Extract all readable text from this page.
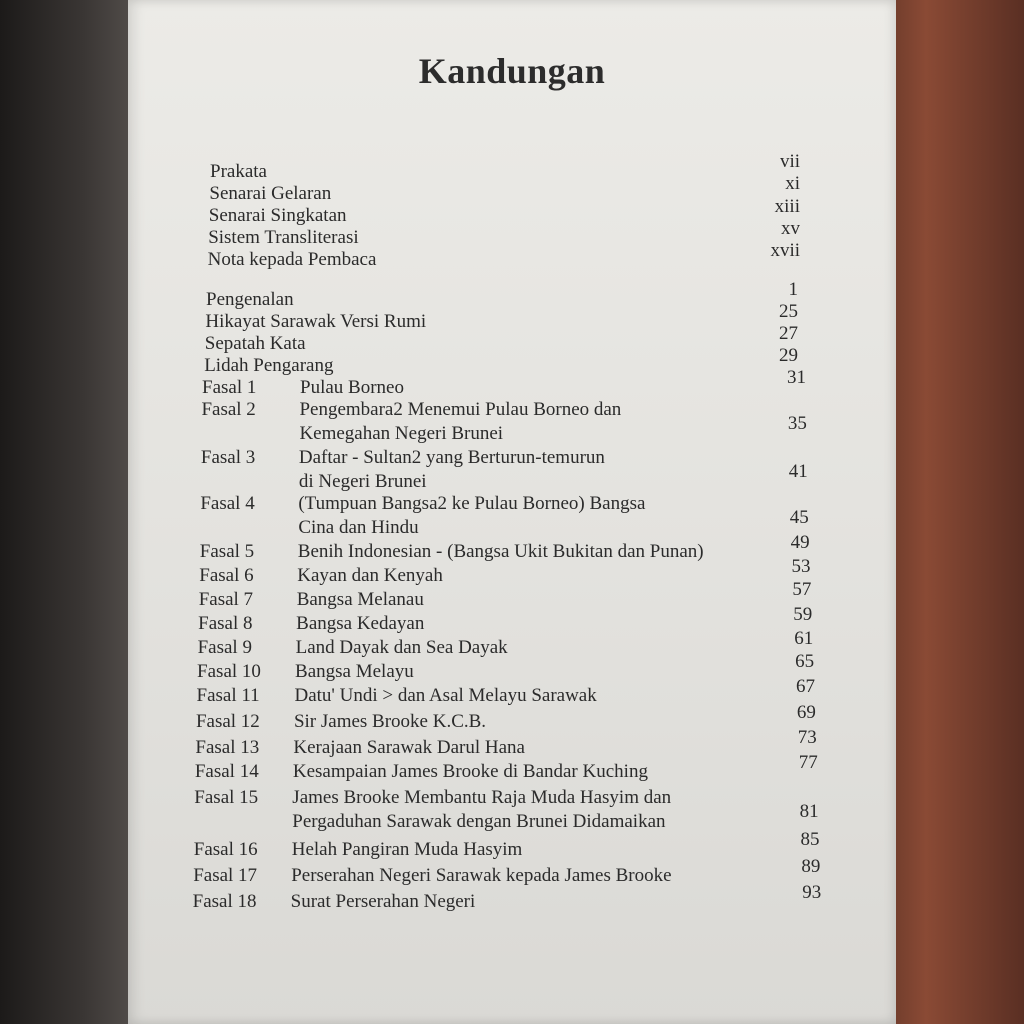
Kandungan
Prakata	vii
Senarai Gelaran	xi
Senarai Singkatan	xiii
Sistem Transliterasi	xv
Nota kepada Pembaca	xvii
Pengenalan	1
Hikayat Sarawak Versi Rumi	25
Sepatah Kata	27
Lidah Pengarang	29
Fasal 1 Pulau Borneo	31
Fasal 2 Pengembara2 Menemui Pulau Borneo dan
Kemegahan Negeri Brunei	35
Fasal 3 Daftar - Sultan2 yang Berturun-temurun
di Negeri Brunei	41
Fasal 4 (Tumpuan Bangsa2 ke Pulau Borneo) Bangsa
Cina dan Hindu	45
Fasal 5 Benih Indonesian - (Bangsa Ukit Bukitan dan Punan)	49
Fasal 6 Kayan dan Kenyah	53
Fasal 7 Bangsa Melanau	57
Fasal 8 Bangsa Kedayan	59
Fasal 9 Land Dayak dan Sea Dayak	61
Fasal 10 Bangsa Melayu	65
Fasal 11 Datu' Undi ˃ dan Asal Melayu Sarawak	67
Fasal 12 Sir James Brooke K.C.B.	69
Fasal 13 Kerajaan Sarawak Darul Hana	73
Fasal 14 Kesampaian James Brooke di Bandar Kuching	77
Fasal 15 James Brooke Membantu Raja Muda Hasyim dan
Pergaduhan Sarawak dengan Brunei Didamaikan	81
Fasal 16 Helah Pangiran Muda Hasyim	85
Fasal 17 Perserahan Negeri Sarawak kepada James Brooke	89
Fasal 18 Surat Perserahan Negeri	93
